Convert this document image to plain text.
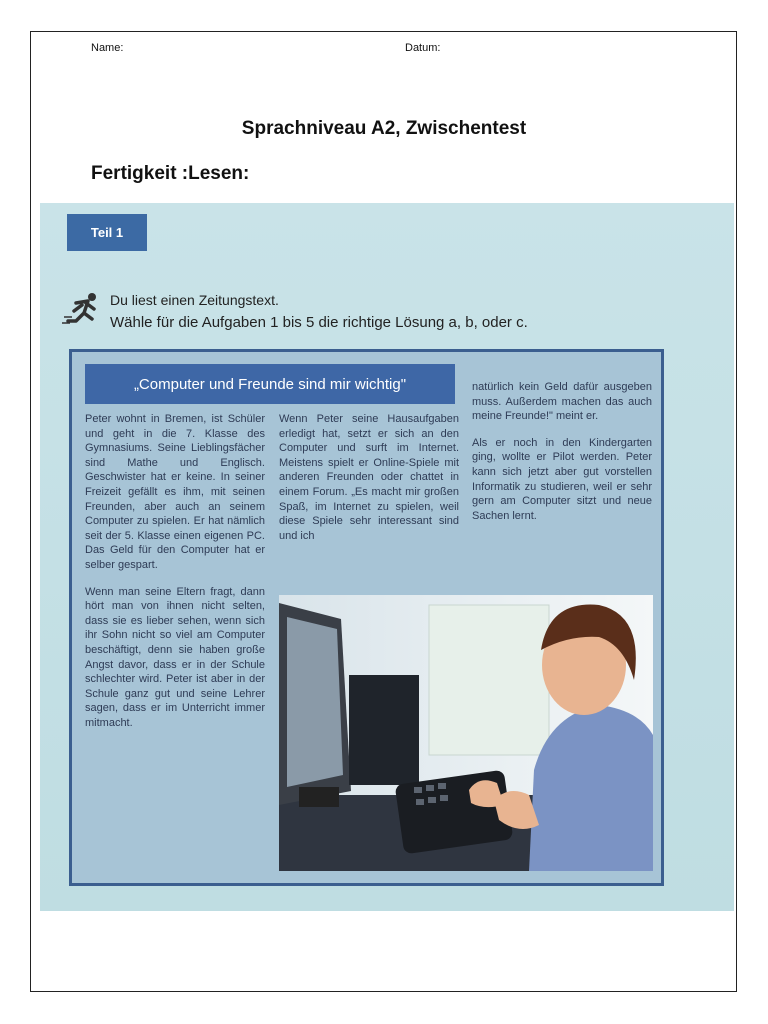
Name:	Datum:
Sprachniveau A2, Zwischentest
Fertigkeit :Lesen:
Teil 1
Du liest einen Zeitungstext.
Wähle für die Aufgaben 1 bis 5 die richtige Lösung a, b, oder c.
„Computer und Freunde sind mir wichtig"

Peter wohnt in Bremen, ist Schüler und geht in die 7. Klasse des Gymnasiums. Seine Lieblingsfächer sind Mathe und Englisch. Geschwister hat er keine. In seiner Freizeit gefällt es ihm, mit seinen Freunden, aber auch an seinem Computer zu spielen. Er hat nämlich seit der 5. Klasse einen eigenen PC. Das Geld für den Computer hat er selber gespart.

Wenn man seine Eltern fragt, dann hört man von ihnen nicht selten, dass sie es lieber sehen, wenn sich ihr Sohn nicht so viel am Computer beschäftigt, denn sie haben große Angst davor, dass er in der Schule schlechter wird. Peter ist aber in der Schule ganz gut und seine Lehrer sagen, dass er im Unterricht immer mitmacht.

Wenn Peter seine Hausaufgaben erledigt hat, setzt er sich an den Computer und surft im Internet. Meistens spielt er Online-Spiele mit anderen Freunden oder chattet in einem Forum. „Es macht mir großen Spaß, im Internet zu spielen, weil diese Spiele sehr interessant sind und ich

natürlich kein Geld dafür ausgeben muss. Außerdem machen das auch meine Freunde!" meint er.

Als er noch in den Kindergarten ging, wollte er Pilot werden. Peter kann sich jetzt aber gut vorstellen Informatik zu studieren, weil er sehr gern am Computer sitzt und neue Sachen lernt.
